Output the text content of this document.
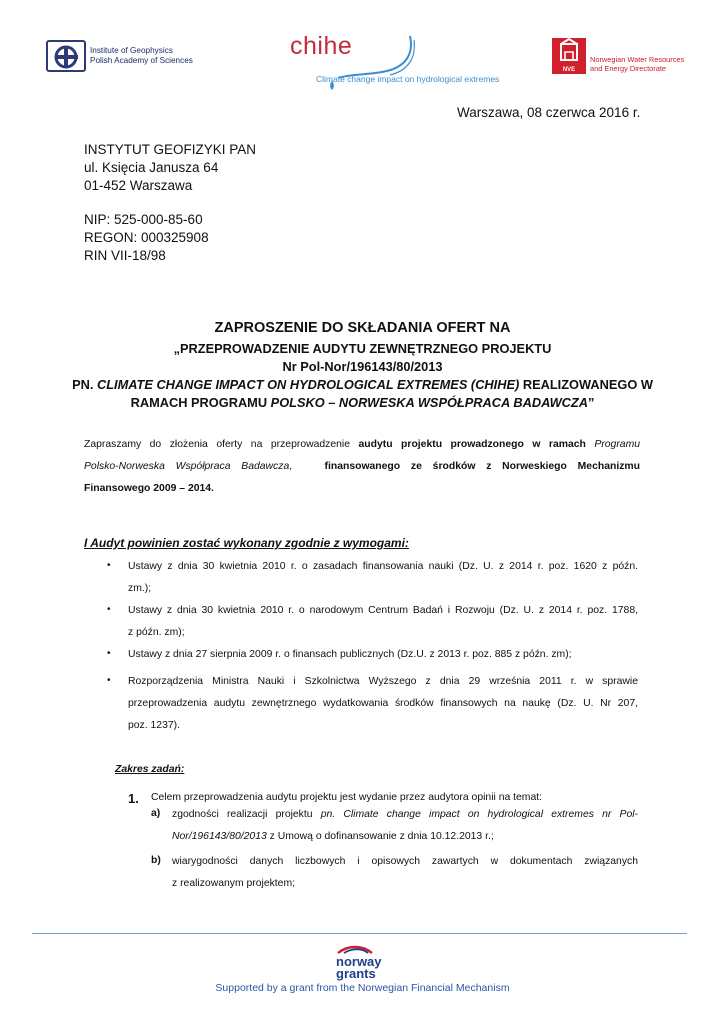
Institute of Geophysics
Polish Academy of Sciences
chihe
Climate change impact on hydrological extremes
NVE
Norwegian Water Resources
and Energy Directorate
Warszawa, 08 czerwca 2016 r.
INSTYTUT GEOFIZYKI PAN
ul. Księcia Janusza 64
01-452 Warszawa
NIP: 525-000-85-60
REGON: 000325908
RIN VII-18/98
ZAPROSZENIE DO SKŁADANIA OFERT NA
„PRZEPROWADZENIE AUDYTU ZEWNĘTRZNEGO PROJEKTU
Nr Pol-Nor/196143/80/2013
PN. CLIMATE CHANGE IMPACT ON HYDROLOGICAL EXTREMES (CHIHE) REALIZOWANEGO W
RAMACH PROGRAMU POLSKO – NORWESKA WSPÓŁPRACA BADAWCZA”
Zapraszamy do złożenia oferty na przeprowadzenie audytu projektu prowadzonego w ramach Programu
Polsko-Norweska Współpraca Badawcza,	finansowanego ze środków z Norweskiego Mechanizmu
Finansowego 2009 – 2014.
I Audyt powinien zostać wykonany zgodnie z wymogami:
• Ustawy z dnia 30 kwietnia 2010 r. o zasadach finansowania nauki (Dz. U. z 2014 r. poz. 1620 z późn.
zm.);
• Ustawy z dnia 30 kwietnia 2010 r. o narodowym Centrum Badań i Rozwoju (Dz. U. z 2014 r. poz. 1788,
z późn. zm);
• Ustawy z dnia 27 sierpnia 2009 r. o finansach publicznych (Dz.U. z 2013 r. poz. 885 z późn. zm);
• Rozporządzenia Ministra Nauki i Szkolnictwa Wyższego z dnia 29 września 2011 r. w sprawie
przeprowadzenia audytu zewnętrznego wydatkowania środków finansowych na naukę (Dz. U. Nr 207,
poz. 1237).
Zakres zadań:
1. Celem przeprowadzenia audytu projektu jest wydanie przez audytora opinii na temat:
a) zgodności realizacji projektu pn. Climate change impact on hydrological extremes nr Pol-
Nor/196143/80/2013 z Umową o dofinansowanie z dnia 10.12.2013 r.;
b) wiarygodności danych liczbowych i opisowych zawartych w dokumentach związanych
z realizowanym projektem;
norway
grants
Supported by a grant from the Norwegian Financial Mechanism
